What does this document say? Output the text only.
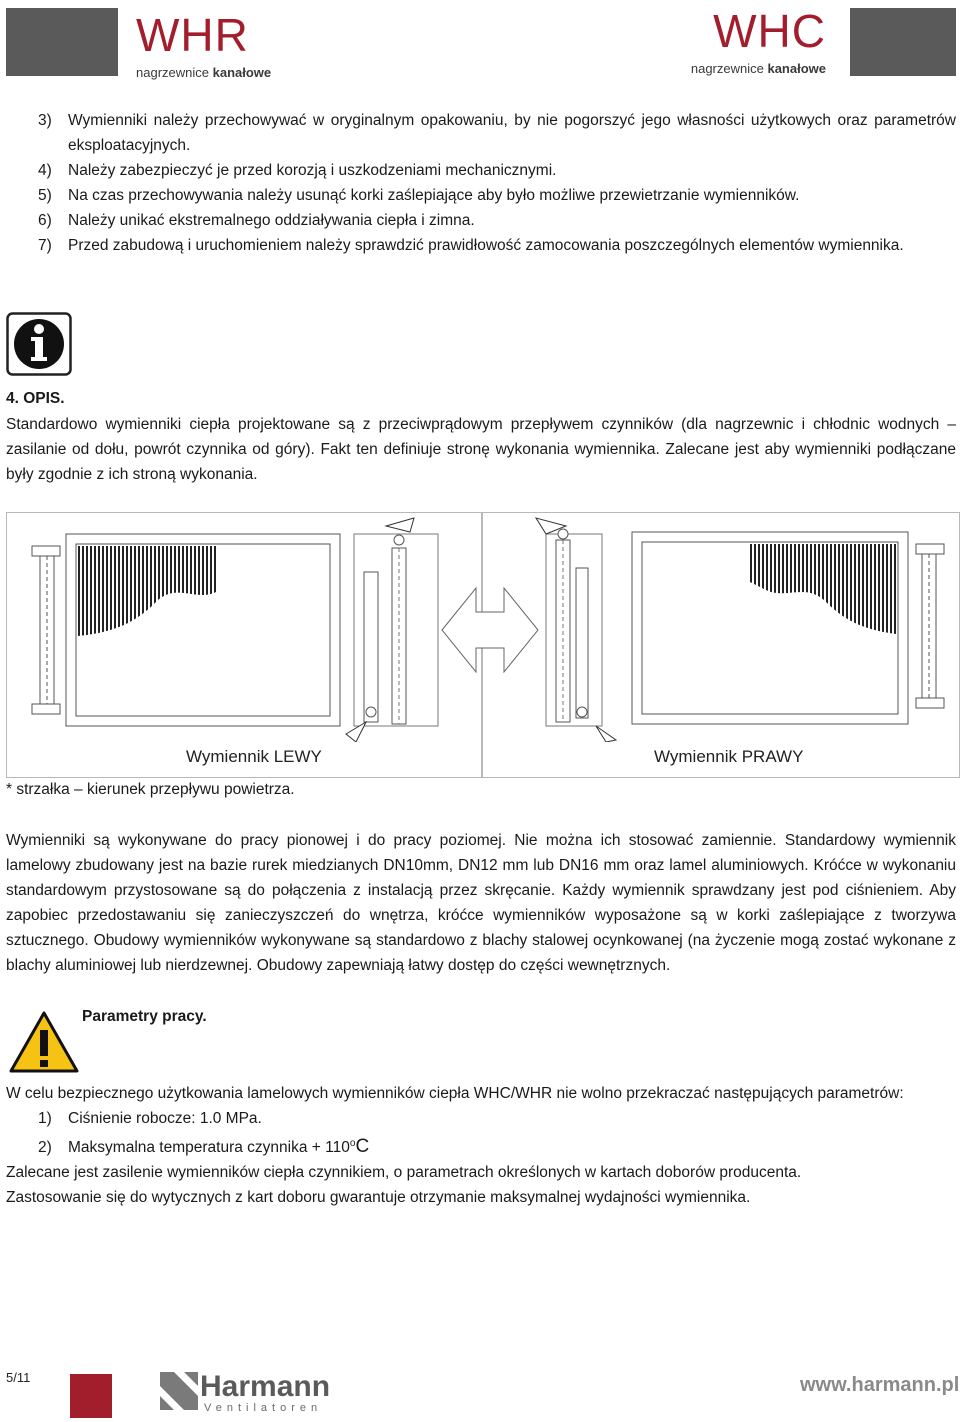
WHR
nagrzewnice kanałowe
WHC
nagrzewnice kanałowe
3)	Wymienniki należy przechowywać w oryginalnym opakowaniu, by nie pogorszyć jego własności użytkowych oraz parametrów
eksploatacyjnych.
4) Należy zabezpieczyć je przed korozją i uszkodzeniami mechanicznymi.
5) Na czas przechowywania należy usunąć korki zaślepiające aby było możliwe przewietrzanie wymienników.
6) Należy unikać ekstremalnego oddziaływania ciepła i zimna.
7) Przed zabudową i uruchomieniem należy sprawdzić prawidłowość zamocowania poszczególnych elementów wymiennika.
4. OPIS.
Standardowo wymienniki ciepła projektowane są z przeciwprądowym przepływem czynników (dla nagrzewnic i chłodnic wodnych – zasilanie od dołu, powrót czynnika od góry). Fakt ten definiuje stronę wykonania wymiennika. Zalecane jest aby wymienniki podłączane były zgodnie z ich stroną wykonania.
Wymiennik LEWY	Wymiennik PRAWY
* strzałka – kierunek przepływu powietrza.
Wymienniki są wykonywane do pracy pionowej i do pracy poziomej. Nie można ich stosować zamiennie. Standardowy wymiennik lamelowy zbudowany jest na bazie rurek miedzianych DN10mm, DN12 mm lub DN16 mm oraz lamel aluminiowych. Króćce w wykonaniu standardowym przystosowane są do połączenia z instalacją przez skręcanie. Każdy wymiennik sprawdzany jest pod ciśnieniem. Aby zapobiec przedostawaniu się zanieczyszczeń do wnętrza, króćce wymienników wyposażone są w korki zaślepiające z tworzywa sztucznego. Obudowy wymienników wykonywane są standardowo z blachy stalowej ocynkowanej (na życzenie mogą zostać wykonane z blachy aluminiowej lub nierdzewnej. Obudowy zapewniają łatwy dostęp do części wewnętrznych.
Parametry pracy.
W celu bezpiecznego użytkowania lamelowych wymienników ciepła WHC/WHR nie wolno przekraczać następujących parametrów:
1) Ciśnienie robocze: 1.0 MPa.
2) Maksymalna temperatura czynnika + $110^oC$
Zalecane jest zasilenie wymienników ciepła czynnikiem, o parametrach określonych w kartach doborów producenta.
Zastosowanie się do wytycznych z kart doboru gwarantuje otrzymanie maksymalnej wydajności wymiennika.
5/11	Harmann
Ventilatoren
www.harmann.pl
